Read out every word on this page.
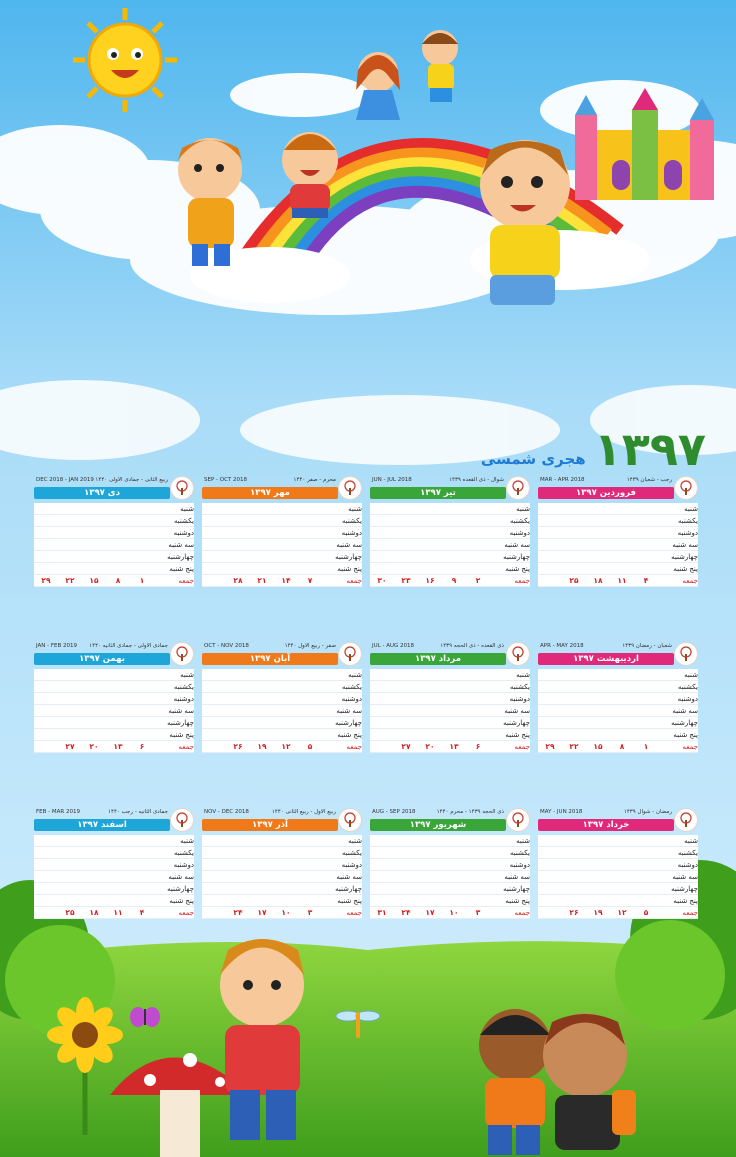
۱۳۹۷
هجری شمسی
MAR - APR 2018	رجب - شعبان ۱۴۳۹
فروردین ۱۳۹۷
شنبه					
یکشنبه					
دوشنبه					
سه شنبه					
چهارشنبه					
پنج شنبه					
جمعه	۴	۱۱	۱۸	۲۵	
JUN - JUL 2018	شوال - ذی القعده ۱۴۳۹
تیر ۱۳۹۷
شنبه					
یکشنبه					
دوشنبه					
سه شنبه					
چهارشنبه					
پنج شنبه					
جمعه	۲	۹	۱۶	۲۳	۳۰
SEP - OCT 2018	محرم - صفر ۱۴۴۰
مهر ۱۳۹۷
شنبه					
یکشنبه					
دوشنبه					
سه شنبه					
چهارشنبه					
پنج شنبه					
جمعه	۷	۱۴	۲۱	۲۸	
DEC 2018 - JAN 2019 ربیع الثانی - جمادی الاولی ۱۴۴۰
دی ۱۳۹۷
شنبه					
یکشنبه					
دوشنبه					
سه شنبه					
چهارشنبه					
پنج شنبه					
جمعه	۱	۸	۱۵	۲۲	۲۹
APR - MAY 2018	شعبان - رمضان ۱۴۳۹
اردیبهشت ۱۳۹۷
شنبه					
یکشنبه					
دوشنبه					
سه شنبه					
چهارشنبه					
پنج شنبه					
جمعه	۱	۸	۱۵	۲۲	۲۹
JUL - AUG 2018	ذی القعده - ذی الحجه ۱۴۳۹
مرداد ۱۳۹۷
شنبه					
یکشنبه					
دوشنبه					
سه شنبه					
چهارشنبه					
پنج شنبه					
جمعه	۶	۱۳	۲۰	۲۷	
OCT - NOV 2018	صفر - ربیع الاول ۱۴۴۰
آبان ۱۳۹۷
شنبه					
یکشنبه					
دوشنبه					
سه شنبه					
چهارشنبه					
پنج شنبه					
جمعه	۵	۱۲	۱۹	۲۶	
JAN - FEB 2019 جمادی الاولی - جمادی الثانیه ۱۴۴۰
بهمن ۱۳۹۷
شنبه					
یکشنبه					
دوشنبه					
سه شنبه					
چهارشنبه					
پنج شنبه					
جمعه	۶	۱۳	۲۰	۲۷	
MAY - JUN 2018	رمضان - شوال ۱۴۳۹
خرداد ۱۳۹۷
شنبه					
یکشنبه					
دوشنبه					
سه شنبه					
چهارشنبه					
پنج شنبه					
جمعه	۵	۱۲	۱۹	۲۶	
AUG - SEP 2018	ذی الحجه ۱۴۳۹ - محرم ۱۴۴۰
شهریور ۱۳۹۷
شنبه					
یکشنبه					
دوشنبه					
سه شنبه					
چهارشنبه					
پنج شنبه					
جمعه	۳	۱۰	۱۷	۲۴	۳۱
NOV - DEC 2018	ربیع الاول - ربیع الثانی ۱۴۴۰
آذر ۱۳۹۷
شنبه					
یکشنبه					
دوشنبه					
سه شنبه					
چهارشنبه					
پنج شنبه					
جمعه	۳	۱۰	۱۷	۲۴	
FEB - MAR 2019	جمادی الثانیه - رجب ۱۴۴۰
اسفند ۱۳۹۷
شنبه					
یکشنبه					
دوشنبه					
سه شنبه					
چهارشنبه					
پنج شنبه					
جمعه	۴	۱۱	۱۸	۲۵	
